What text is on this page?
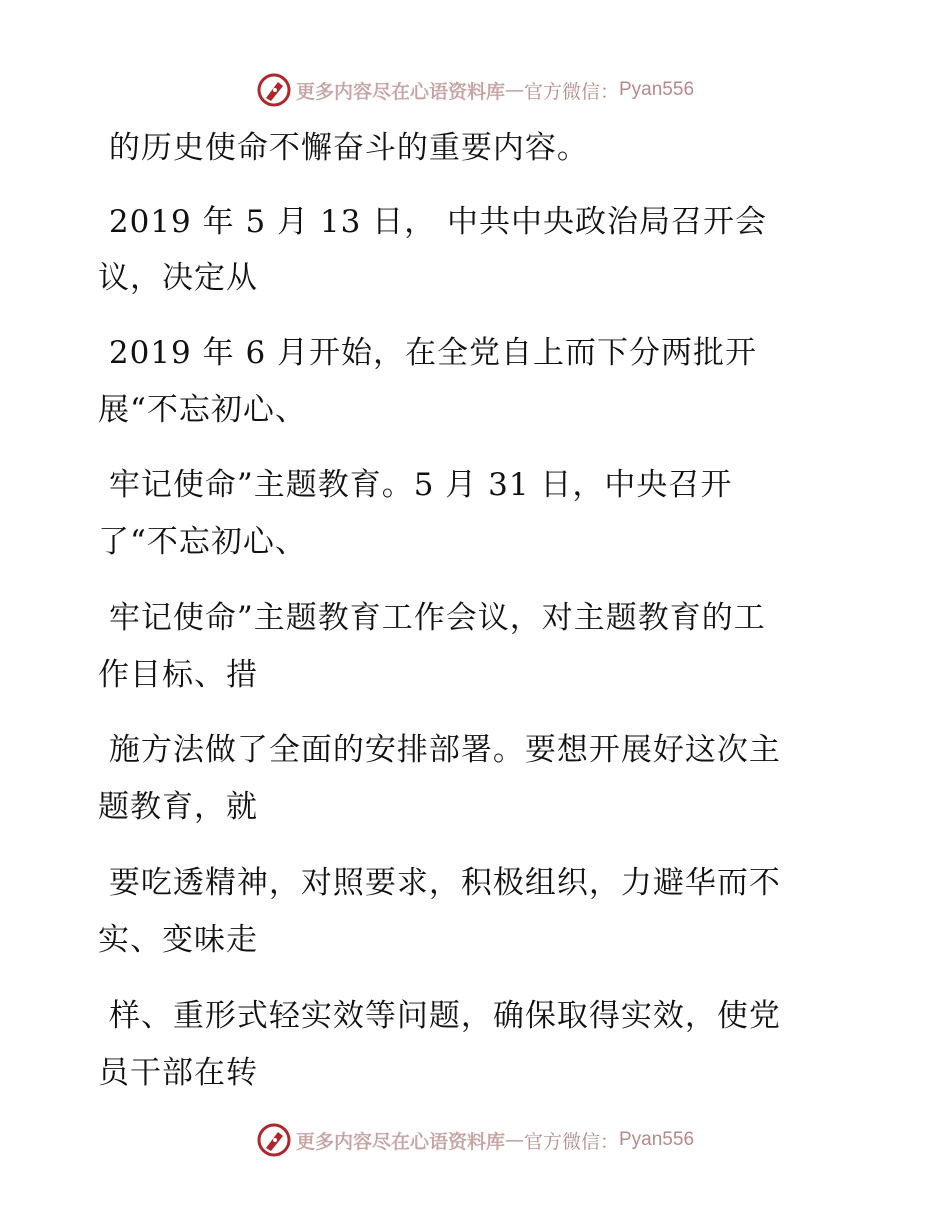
更多内容尽在心语资料库 — 官方微信： Pyan556
的历史使命不懈奋斗的重要内容。
2019 年 5 月 13 日， 中共中央政治局召开会
议，决定从
2019 年 6 月开始，在全党自上而下分两批开
展“不忘初心、
牢记使命”主题教育。5 月 31 日，中央召开
了“不忘初心、
牢记使命”主题教育工作会议，对主题教育的工
作目标、措
施方法做了全面的安排部署。要想开展好这次主
题教育，就
要吃透精神，对照要求，积极组织，力避华而不
实、变味走
样、重形式轻实效等问题，确保取得实效，使党
员干部在转
更多内容尽在心语资料库 — 官方微信： Pyan556
